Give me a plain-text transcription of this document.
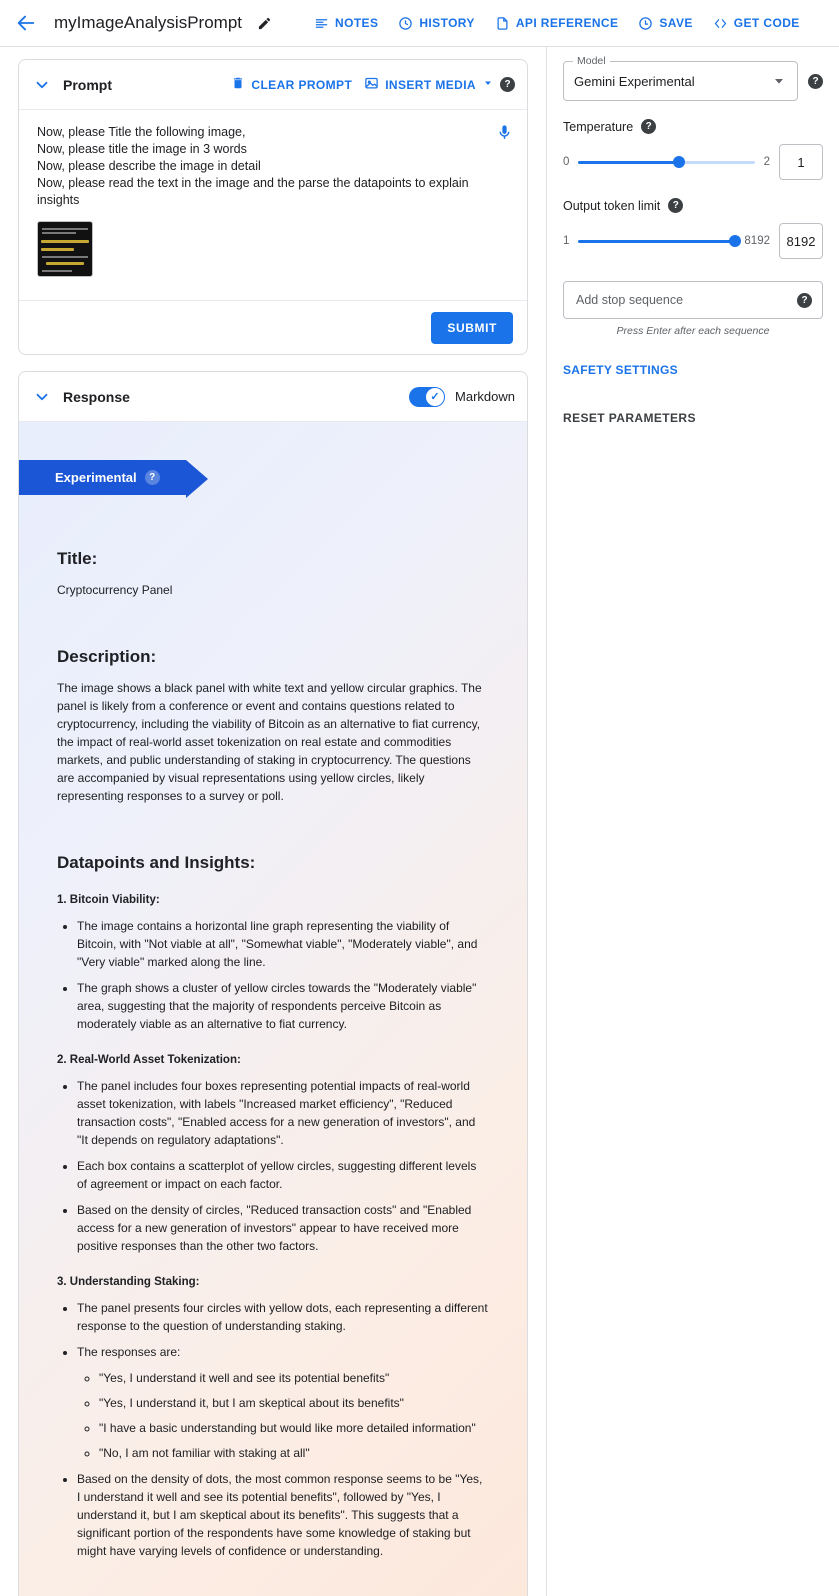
myImageAnalysisPrompt	NOTES	HISTORY	API REFERENCE	SAVE	GET CODE
Prompt	CLEAR PROMPT	INSERT MEDIA	?
Now, please Title the following image,
Now, please title the image in 3 words
Now, please describe the image in detail
Now, please read the text in the image and the parse the datapoints to explain insights
SUBMIT
Response	✓	Markdown
Experimental	?
Title:

Cryptocurrency Panel

Description:

The image shows a black panel with white text and yellow circular graphics. The panel is likely from a conference or event and contains questions related to cryptocurrency, including the viability of Bitcoin as an alternative to fiat currency, the impact of real-world asset tokenization on real estate and commodities markets, and public understanding of staking in cryptocurrency. The questions are accompanied by visual representations using yellow circles, likely representing responses to a survey or poll.

Datapoints and Insights:

1. Bitcoin Viability:

• The image contains a horizontal line graph representing the viability of Bitcoin, with "Not viable at all", "Somewhat viable", "Moderately viable", and "Very viable" marked along the line.
• The graph shows a cluster of yellow circles towards the "Moderately viable" area, suggesting that the majority of respondents perceive Bitcoin as moderately viable as an alternative to fiat currency.

2. Real-World Asset Tokenization:

• The panel includes four boxes representing potential impacts of real-world asset tokenization, with labels "Increased market efficiency", "Reduced transaction costs", "Enabled access for a new generation of investors", and "It depends on regulatory adaptations".
• Each box contains a scatterplot of yellow circles, suggesting different levels of agreement or impact on each factor.
• Based on the density of circles, "Reduced transaction costs" and "Enabled access for a new generation of investors" appear to have received more positive responses than the other two factors.

3. Understanding Staking:

• The panel presents four circles with yellow dots, each representing a different response to the question of understanding staking.
• The responses are:
◦ "Yes, I understand it well and see its potential benefits"
◦ "Yes, I understand it, but I am skeptical about its benefits"
◦ "I have a basic understanding but would like more detailed information"
◦ "No, I am not familiar with staking at all"
• Based on the density of dots, the most common response seems to be "Yes, I understand it well and see its potential benefits", followed by "Yes, I understand it, but I am skeptical about its benefits". This suggests that a significant portion of the respondents have some knowledge of staking but might have varying levels of confidence or understanding.
Model
Gemini Experimental	?
Temperature	?
0	2	1
Output token limit	?
1	8192	8192
Add stop sequence
?
Press Enter after each sequence
SAFETY SETTINGS
RESET PARAMETERS
